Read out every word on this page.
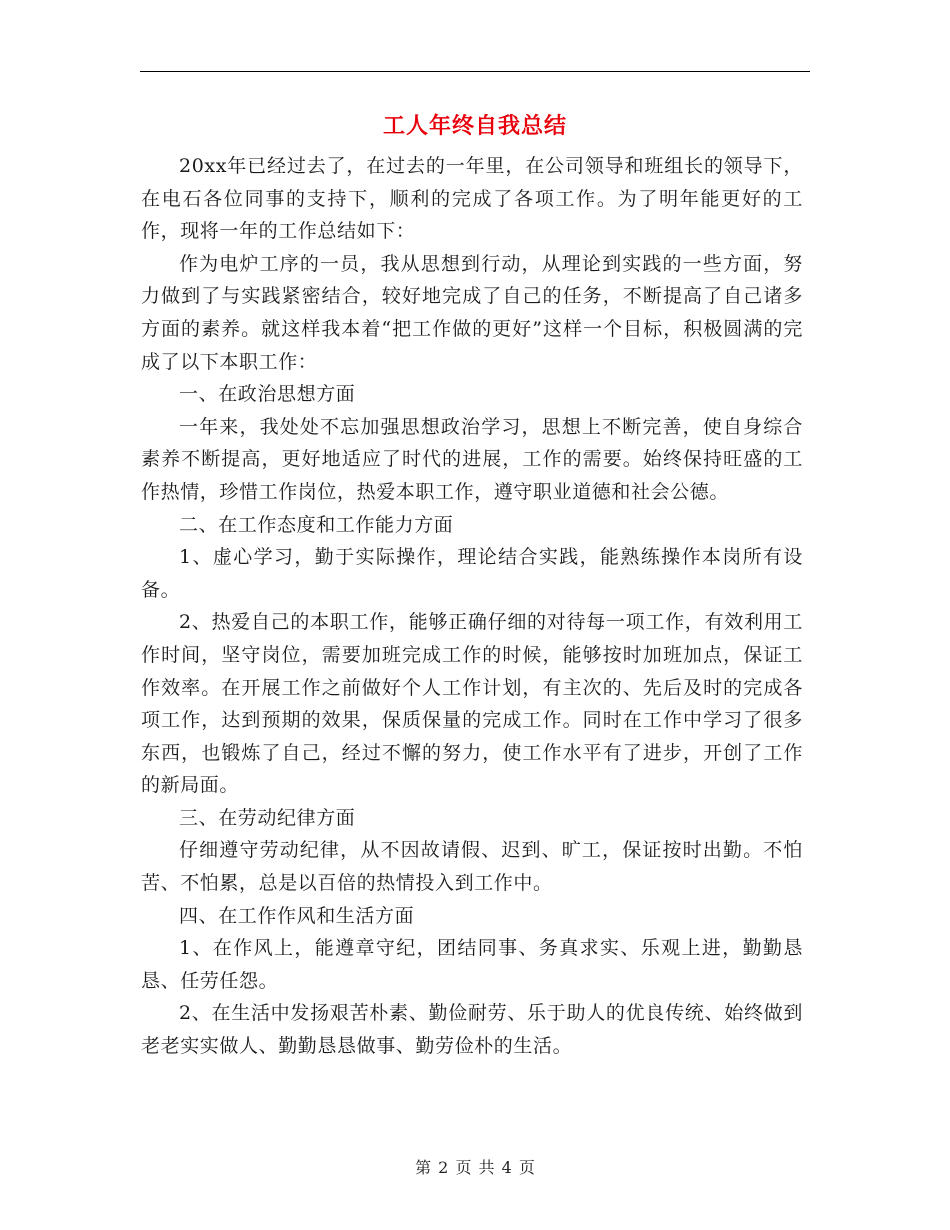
工人年终自我总结

20xx年已经过去了，在过去的一年里，在公司领导和班组长的领导下，在电石各位同事的支持下，顺利的完成了各项工作。为了明年能更好的工作，现将一年的工作总结如下：

作为电炉工序的一员，我从思想到行动，从理论到实践的一些方面，努力做到了与实践紧密结合，较好地完成了自己的任务，不断提高了自己诸多方面的素养。就这样我本着“把工作做的更好”这样一个目标，积极圆满的完成了以下本职工作：

一、在政治思想方面

一年来，我处处不忘加强思想政治学习，思想上不断完善，使自身综合素养不断提高，更好地适应了时代的进展，工作的需要。始终保持旺盛的工作热情，珍惜工作岗位，热爱本职工作，遵守职业道德和社会公德。

二、在工作态度和工作能力方面

1、虚心学习，勤于实际操作，理论结合实践，能熟练操作本岗所有设备。

2、热爱自己的本职工作，能够正确仔细的对待每一项工作，有效利用工作时间，坚守岗位，需要加班完成工作的时候，能够按时加班加点，保证工作效率。在开展工作之前做好个人工作计划，有主次的、先后及时的完成各项工作，达到预期的效果，保质保量的完成工作。同时在工作中学习了很多东西，也锻炼了自己，经过不懈的努力，使工作水平有了进步，开创了工作的新局面。

三、在劳动纪律方面

仔细遵守劳动纪律，从不因故请假、迟到、旷工，保证按时出勤。不怕苦、不怕累，总是以百倍的热情投入到工作中。

四、在工作作风和生活方面

1、在作风上，能遵章守纪，团结同事、务真求实、乐观上进，勤勤恳恳、任劳任怨。

2、在生活中发扬艰苦朴素、勤俭耐劳、乐于助人的优良传统、始终做到老老实实做人、勤勤恳恳做事、勤劳俭朴的生活。

第 2 页 共 4 页
